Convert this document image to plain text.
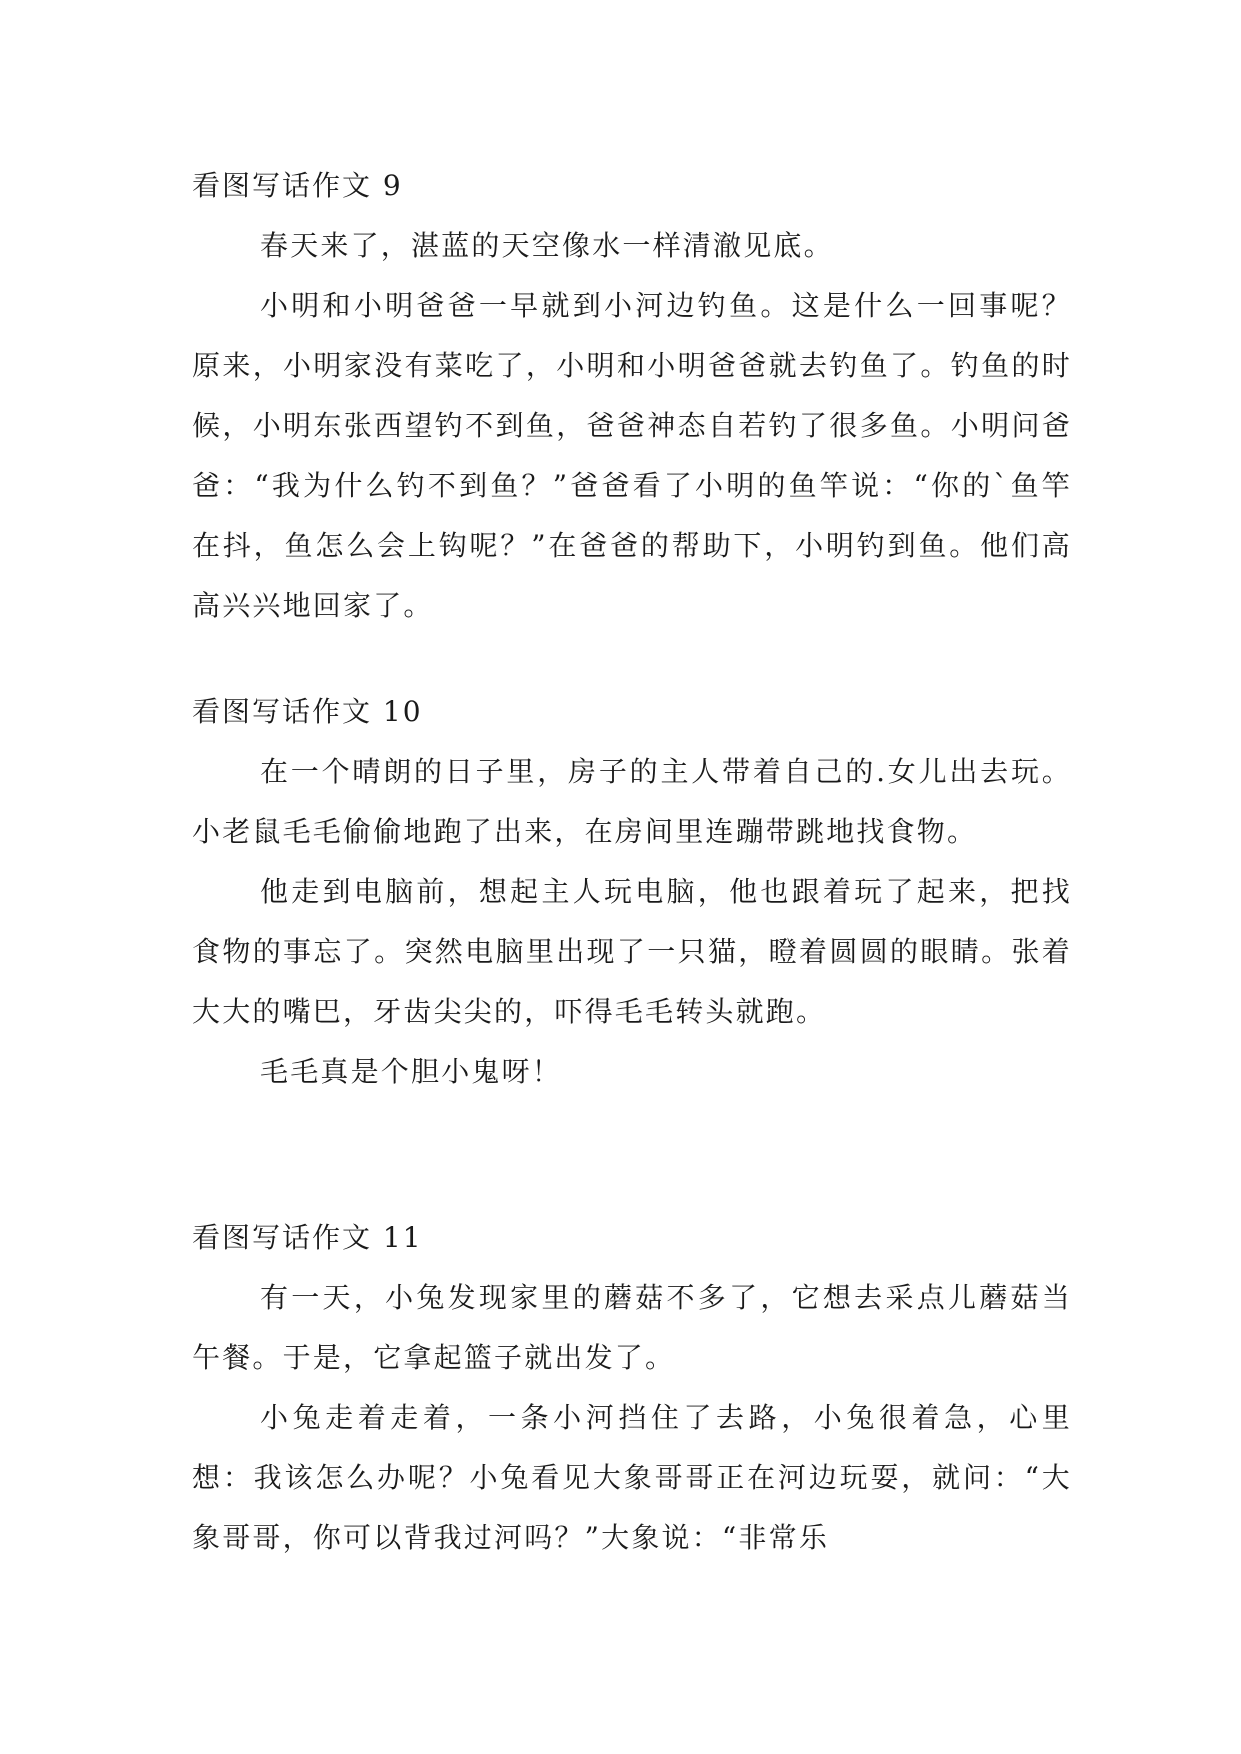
看图写话作文 9

春天来了，湛蓝的天空像水一样清澈见底。

小明和小明爸爸一早就到小河边钓鱼。这是什么一回事呢？原来，小明家没有菜吃了，小明和小明爸爸就去钓鱼了。钓鱼的时候，小明东张西望钓不到鱼，爸爸神态自若钓了很多鱼。小明问爸爸：“我为什么钓不到鱼？”爸爸看了小明的鱼竿说：“你的`鱼竿在抖，鱼怎么会上钩呢？”在爸爸的帮助下，小明钓到鱼。他们高高兴兴地回家了。

看图写话作文 10

在一个晴朗的日子里，房子的主人带着自己的.女儿出去玩。小老鼠毛毛偷偷地跑了出来，在房间里连蹦带跳地找食物。

他走到电脑前，想起主人玩电脑，他也跟着玩了起来，把找食物的事忘了。突然电脑里出现了一只猫，瞪着圆圆的眼睛。张着大大的嘴巴，牙齿尖尖的，吓得毛毛转头就跑。

毛毛真是个胆小鬼呀！

看图写话作文 11

有一天，小兔发现家里的蘑菇不多了，它想去采点儿蘑菇当午餐。于是，它拿起篮子就出发了。

小兔走着走着，一条小河挡住了去路，小兔很着急，心里想：我该怎么办呢？小兔看见大象哥哥正在河边玩耍，就问：“大象哥哥，你可以背我过河吗？”大象说：“非常乐
